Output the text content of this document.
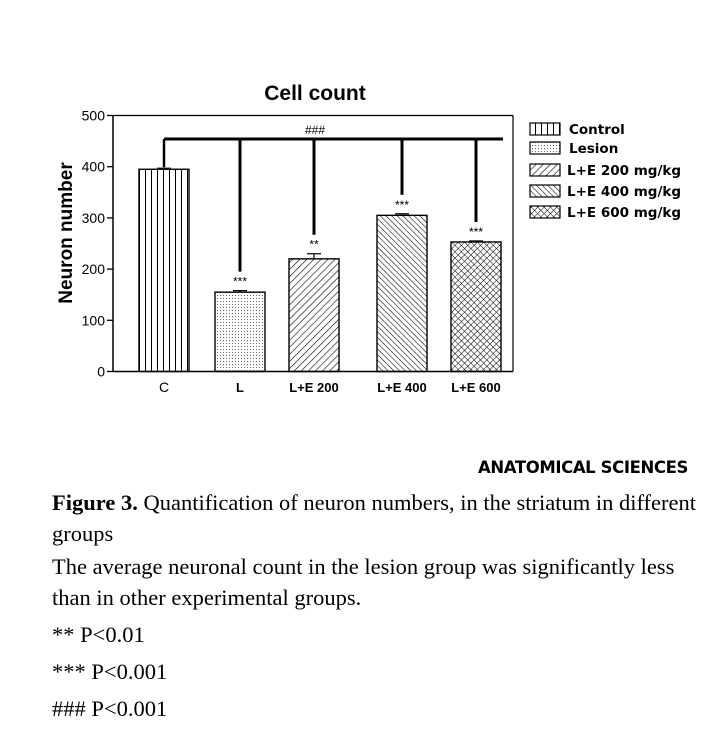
Cell count
Neuron number
0
100
200
300
400
500
###
***
**
***
***
C	L	L+E 200	L+E 400 L+E 600
Control
Lesion
L+E 200 mg/kg
L+E 400 mg/kg
L+E 600 mg/kg
ANATOMICAL SCIENCES

Figure 3. Quantification of neuron numbers, in the striatum in different groups

The average neuronal count in the lesion group was significantly less than in other experimental groups.

** P<0.01

*** P<0.001

### P<0.001
